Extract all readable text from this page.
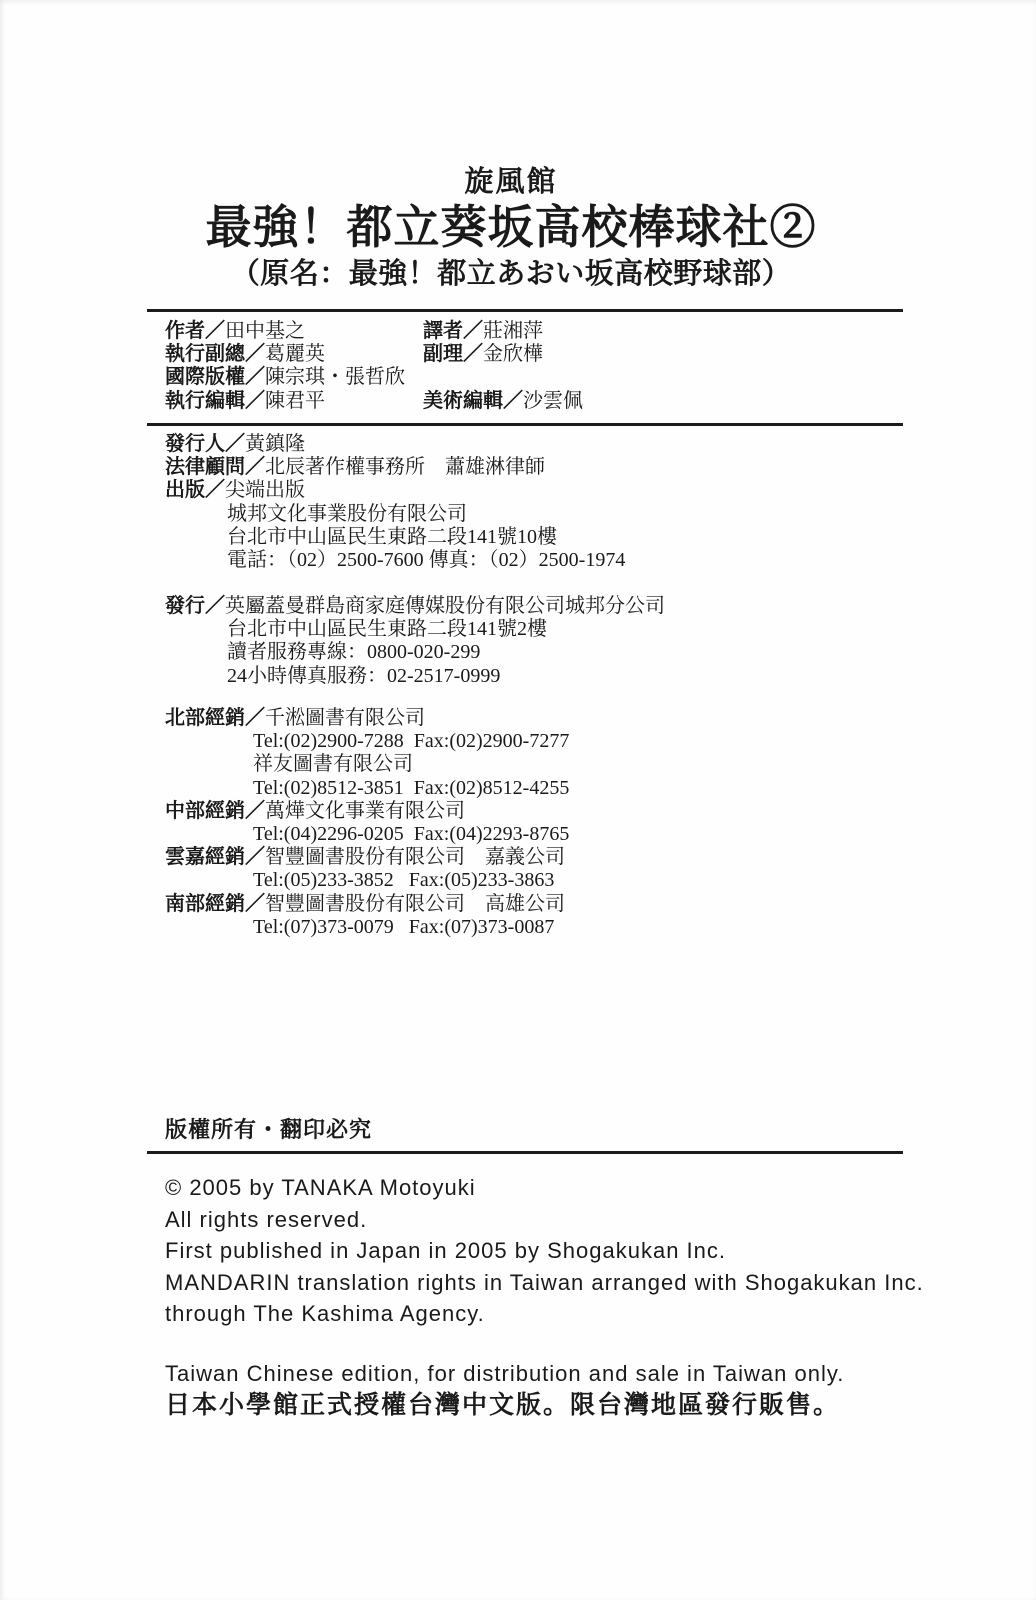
旋風館
最強！都立葵坂高校棒球社②
（原名：最強！都立あおい坂高校野球部）
作者／田中基之	譯者／莊湘萍
執行副總／葛麗英	副理／金欣樺
國際版權／陳宗琪・張哲欣
執行編輯／陳君平	美術編輯／沙雲佩
發行人／黃鎮隆
法律顧問／北辰著作權事務所　蕭雄淋律師
出版／尖端出版
城邦文化事業股份有限公司
台北市中山區民生東路二段141號10樓
電話：（02）2500-7600 傳真：（02）2500-1974
發行／英屬蓋曼群島商家庭傳媒股份有限公司城邦分公司
台北市中山區民生東路二段141號2樓
讀者服務專線：0800-020-299
24小時傳真服務：02-2517-0999
北部經銷／千淞圖書有限公司
Tel:(02)2900-7288  Fax:(02)2900-7277
祥友圖書有限公司
Tel:(02)8512-3851  Fax:(02)8512-4255
中部經銷／萬燁文化事業有限公司
Tel:(04)2296-0205  Fax:(04)2293-8765
雲嘉經銷／智豐圖書股份有限公司　嘉義公司
Tel:(05)233-3852   Fax:(05)233-3863
南部經銷／智豐圖書股份有限公司　高雄公司
Tel:(07)373-0079   Fax:(07)373-0087
版權所有・翻印必究
© 2005 by TANAKA Motoyuki
All rights reserved.
First published in Japan in 2005 by Shogakukan Inc.
MANDARIN translation rights in Taiwan arranged with Shogakukan Inc.
through The Kashima Agency.
Taiwan Chinese edition, for distribution and sale in Taiwan only.
日本小學館正式授權台灣中文版。限台灣地區發行販售。
